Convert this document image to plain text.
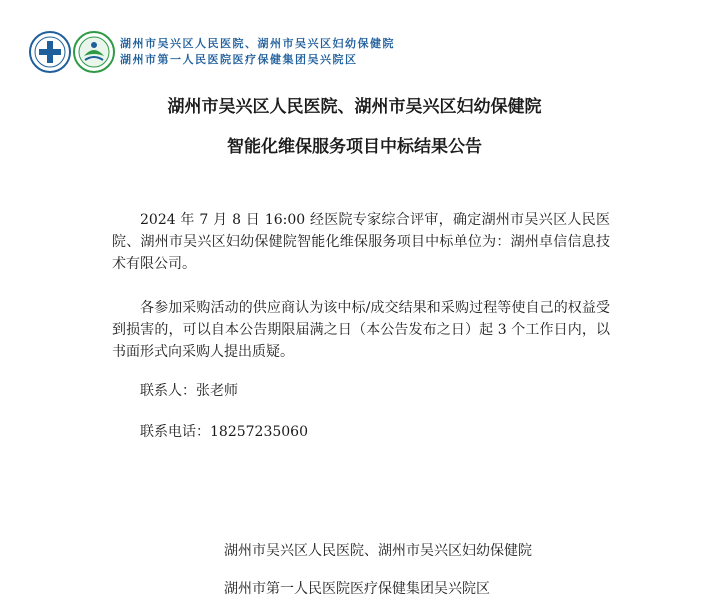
湖州市吴兴区人民医院、湖州市吴兴区妇幼保健院
湖州市第一人民医院医疗保健集团吴兴院区
湖州市吴兴区人民医院、湖州市吴兴区妇幼保健院
智能化维保服务项目中标结果公告

2024 年 7 月 8 日 16:00 经医院专家综合评审，确定湖州市吴兴区人民医院、湖州市吴兴区妇幼保健院智能化维保服务项目中标单位为：湖州卓信信息技术有限公司。

各参加采购活动的供应商认为该中标/成交结果和采购过程等使自己的权益受到损害的，可以自本公告期限届满之日（本公告发布之日）起 3 个工作日内，以书面形式向采购人提出质疑。

联系人：张老师
联系电话：18257235060
湖州市吴兴区人民医院、湖州市吴兴区妇幼保健院
湖州市第一人民医院医疗保健集团吴兴院区
